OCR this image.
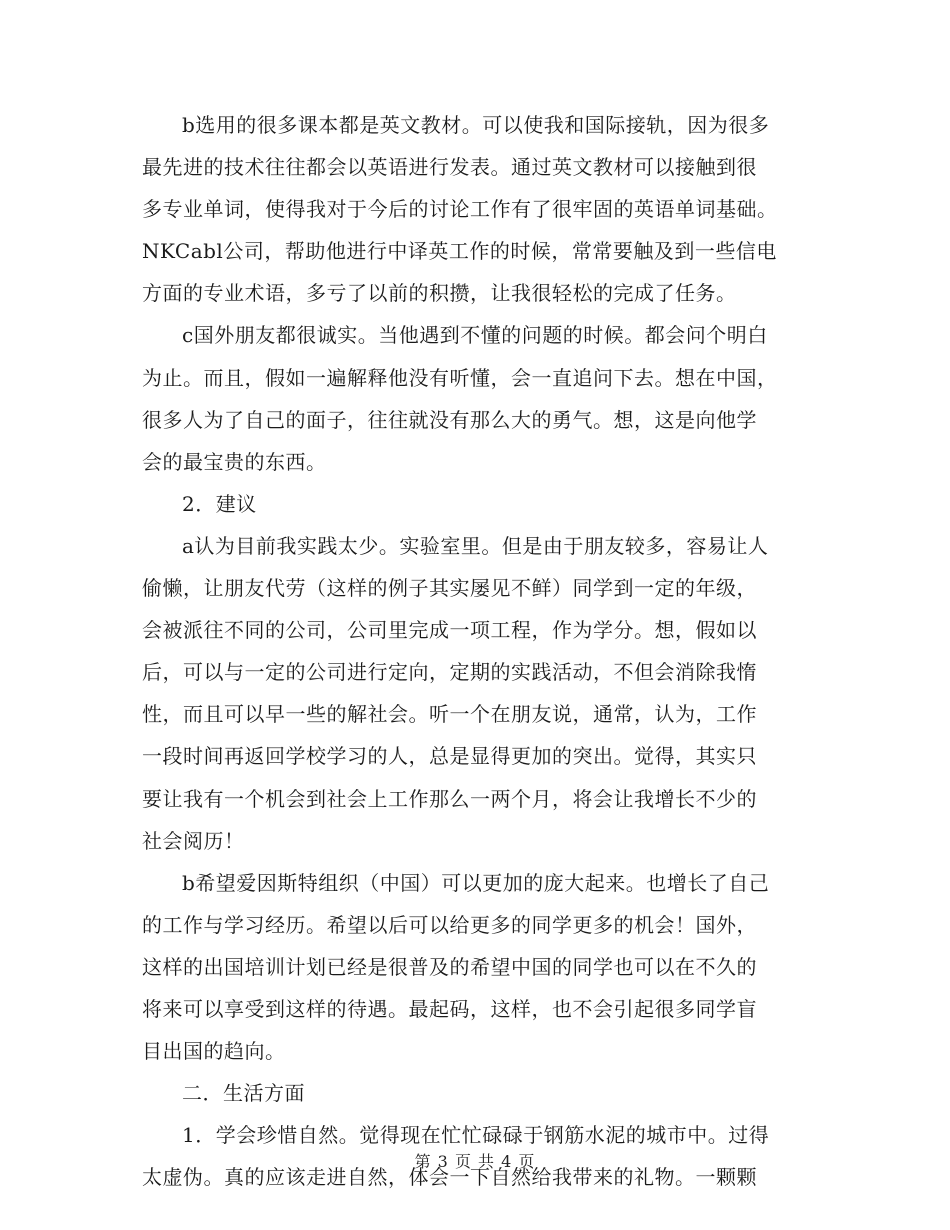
b选用的很多课本都是英文教材。可以使我和国际接轨，因为很多
最先进的技术往往都会以英语进行发表。通过英文教材可以接触到很
多专业单词，使得我对于今后的讨论工作有了很牢固的英语单词基础。
NKCabl公司，帮助他进行中译英工作的时候，常常要触及到一些信电
方面的专业术语，多亏了以前的积攒，让我很轻松的完成了任务。
c国外朋友都很诚实。当他遇到不懂的问题的时候。都会问个明白
为止。而且，假如一遍解释他没有听懂，会一直追问下去。想在中国，
很多人为了自己的面子，往往就没有那么大的勇气。想，这是向他学
会的最宝贵的东西。
2．建议
a认为目前我实践太少。实验室里。但是由于朋友较多，容易让人
偷懒，让朋友代劳（这样的例子其实屡见不鲜）同学到一定的年级，
会被派往不同的公司，公司里完成一项工程，作为学分。想，假如以
后，可以与一定的公司进行定向，定期的实践活动，不但会消除我惰
性，而且可以早一些的解社会。听一个在朋友说，通常，认为，工作
一段时间再返回学校学习的人，总是显得更加的突出。觉得，其实只
要让我有一个机会到社会上工作那么一两个月，将会让我增长不少的
社会阅历！
b希望爱因斯特组织（中国）可以更加的庞大起来。也增长了自己
的工作与学习经历。希望以后可以给更多的同学更多的机会！国外，
这样的出国培训计划已经是很普及的希望中国的同学也可以在不久的
将来可以享受到这样的待遇。最起码，这样，也不会引起很多同学盲
目出国的趋向。
二．生活方面
1．学会珍惜自然。觉得现在忙忙碌碌于钢筋水泥的城市中。过得
太虚伪。真的应该走进自然，体会一下自然给我带来的礼物。一颗颗
第 3 页 共 4 页
